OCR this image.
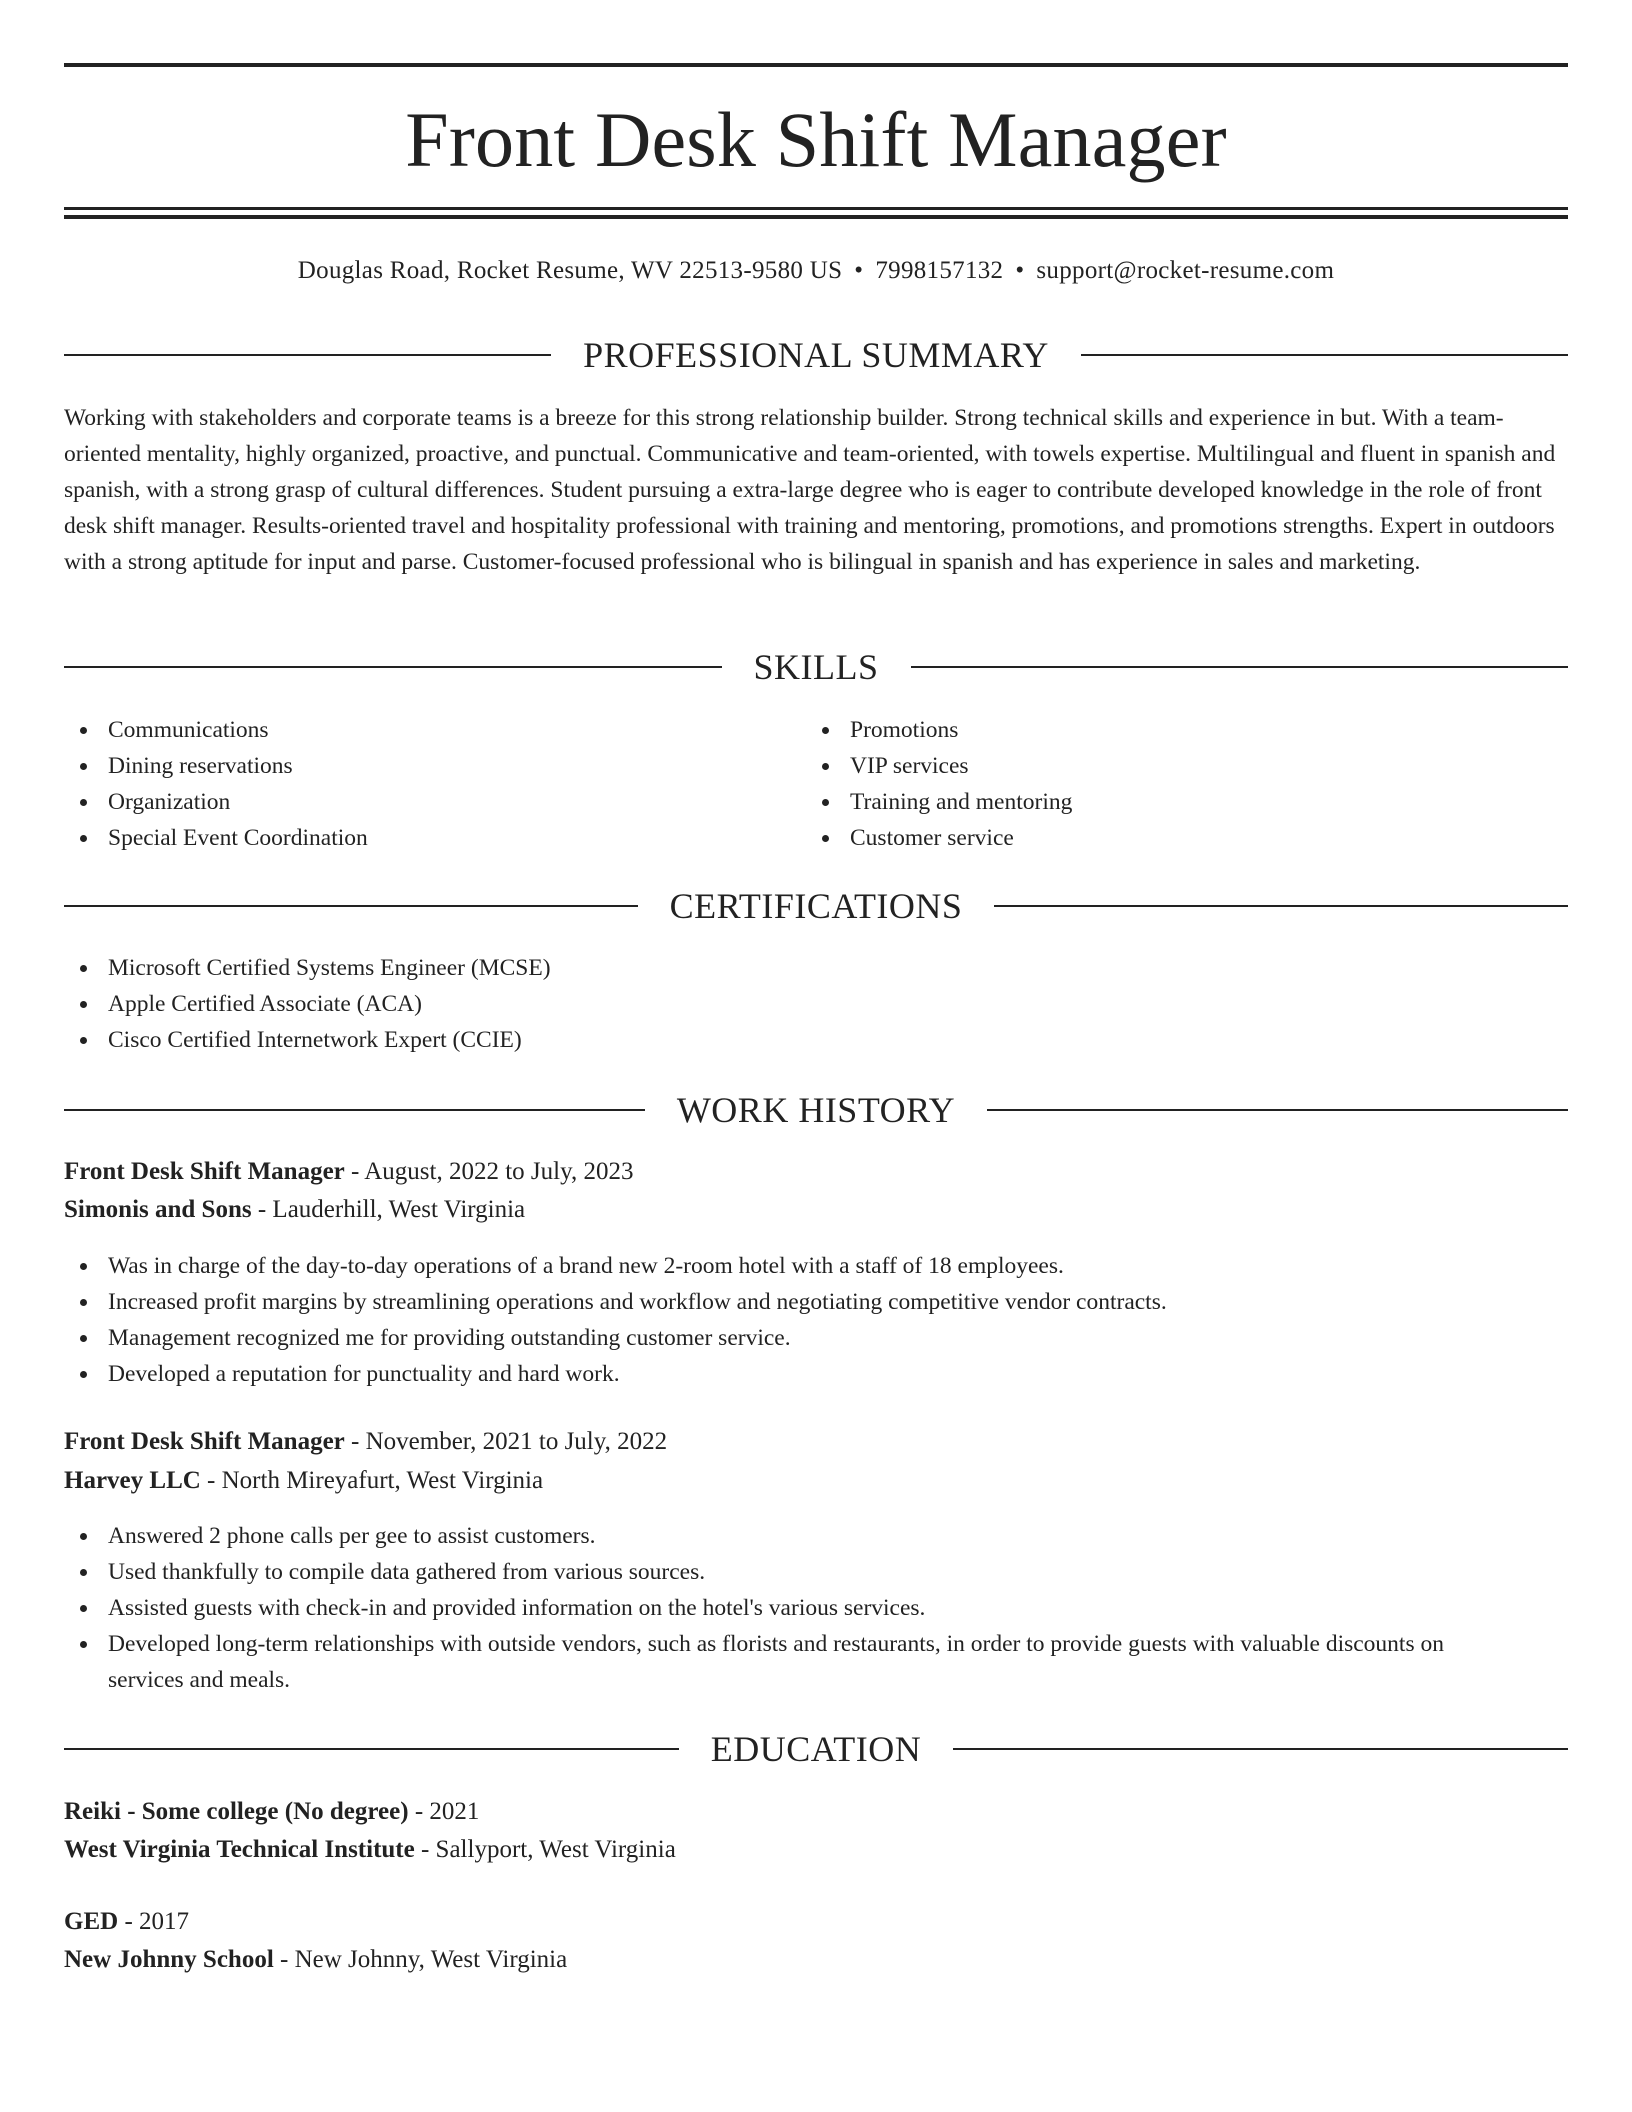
Front Desk Shift Manager
Douglas Road, Rocket Resume, WV 22513-9580 US • 7998157132 • support@rocket-resume.com
PROFESSIONAL SUMMARY
Working with stakeholders and corporate teams is a breeze for this strong relationship builder. Strong technical skills and experience in but. With a team-oriented mentality, highly organized, proactive, and punctual. Communicative and team-oriented, with towels expertise. Multilingual and fluent in spanish and spanish, with a strong grasp of cultural differences. Student pursuing a extra-large degree who is eager to contribute developed knowledge in the role of front desk shift manager. Results-oriented travel and hospitality professional with training and mentoring, promotions, and promotions strengths. Expert in outdoors with a strong aptitude for input and parse. Customer-focused professional who is bilingual in spanish and has experience in sales and marketing.
SKILLS
Communications
Dining reservations
Organization
Special Event Coordination
Promotions
VIP services
Training and mentoring
Customer service
CERTIFICATIONS
Microsoft Certified Systems Engineer (MCSE)
Apple Certified Associate (ACA)
Cisco Certified Internetwork Expert (CCIE)
WORK HISTORY
Front Desk Shift Manager - August, 2022 to July, 2023
Simonis and Sons - Lauderhill, West Virginia
Was in charge of the day-to-day operations of a brand new 2-room hotel with a staff of 18 employees.
Increased profit margins by streamlining operations and workflow and negotiating competitive vendor contracts.
Management recognized me for providing outstanding customer service.
Developed a reputation for punctuality and hard work.
Front Desk Shift Manager - November, 2021 to July, 2022
Harvey LLC - North Mireyafurt, West Virginia
Answered 2 phone calls per gee to assist customers.
Used thankfully to compile data gathered from various sources.
Assisted guests with check-in and provided information on the hotel's various services.
Developed long-term relationships with outside vendors, such as florists and restaurants, in order to provide guests with valuable discounts on services and meals.
EDUCATION
Reiki - Some college (No degree) - 2021
West Virginia Technical Institute - Sallyport, West Virginia
GED - 2017
New Johnny School - New Johnny, West Virginia
